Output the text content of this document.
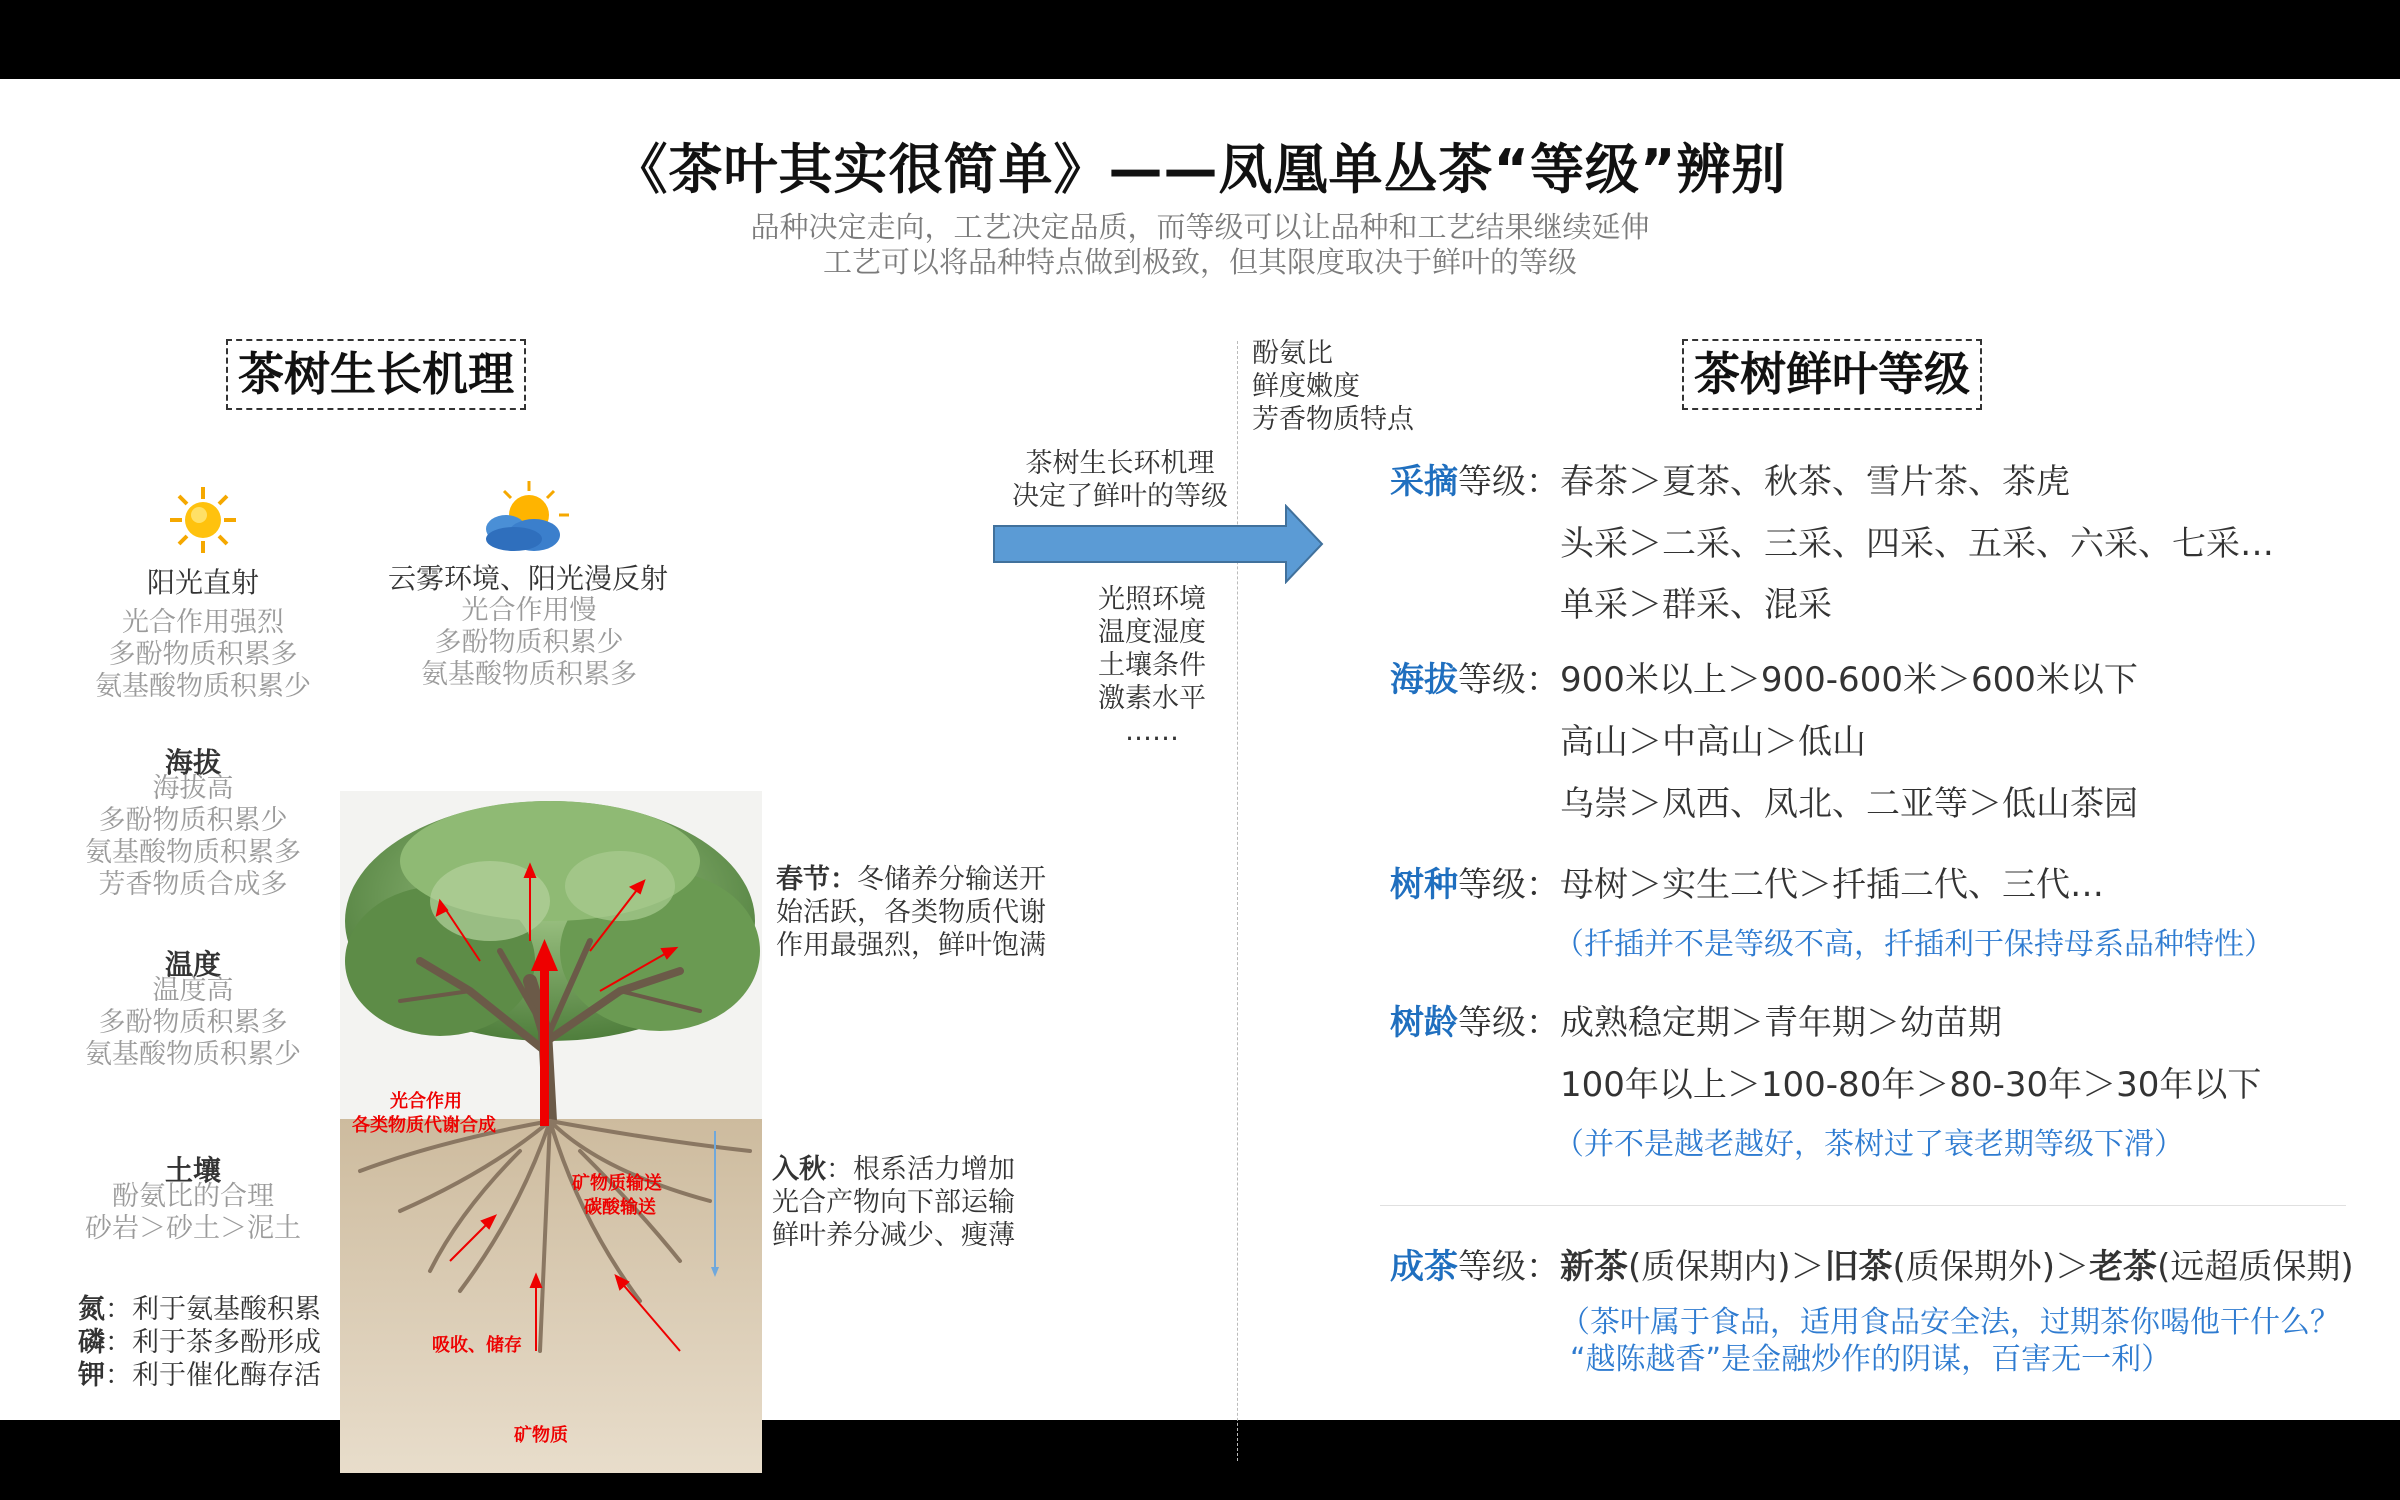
《茶叶其实很简单》——凤凰单丛茶“等级”辨别
品种决定走向，工艺决定品质，而等级可以让品种和工艺结果继续延伸
工艺可以将品种特点做到极致，但其限度取决于鲜叶的等级
茶树生长机理	茶树鲜叶等级
阳光直射
光合作用强烈
多酚物质积累多
氨基酸物质积累少
云雾环境、阳光漫反射
光合作用慢
多酚物质积累少
氨基酸物质积累多
海拔
海拔高
多酚物质积累少
氨基酸物质积累多
芳香物质合成多
温度
温度高
多酚物质积累多
氨基酸物质积累少
土壤
酚氨比的合理
砂岩＞砂土＞泥土
氮：利于氨基酸积累
磷：利于茶多酚形成
钾：利于催化酶存活
光合作用
各类物质代谢合成
矿物质输送
碳酸输送
吸收、储存
矿物质
春节：冬储养分输送开
始活跃，各类物质代谢
作用最强烈，鲜叶饱满
入秋：根系活力增加
光合产物向下部运输
鲜叶养分减少、瘦薄
茶树生长环机理
决定了鲜叶的等级
酚氨比
鲜度嫩度
芳香物质特点
光照环境
温度湿度
土壤条件
激素水平
……
采摘等级：春茶＞夏茶、秋茶、雪片茶、茶虎
头采＞二采、三采、四采、五采、六采、七采…
单采＞群采、混采
海拔等级：900米以上＞900-600米＞600米以下
高山＞中高山＞低山
乌崇＞凤西、凤北、二亚等＞低山茶园
树种等级：母树＞实生二代＞扦插二代、三代…
（扦插并不是等级不高，扦插利于保持母系品种特性）
树龄等级：成熟稳定期＞青年期＞幼苗期
100年以上＞100-80年＞80-30年＞30年以下
（并不是越老越好，茶树过了衰老期等级下滑）
成茶等级：新茶(质保期内)＞旧茶(质保期外)＞老茶(远超质保期)
（茶叶属于食品，适用食品安全法，过期茶你喝他干什么？
“越陈越香”是金融炒作的阴谋，百害无一利）
